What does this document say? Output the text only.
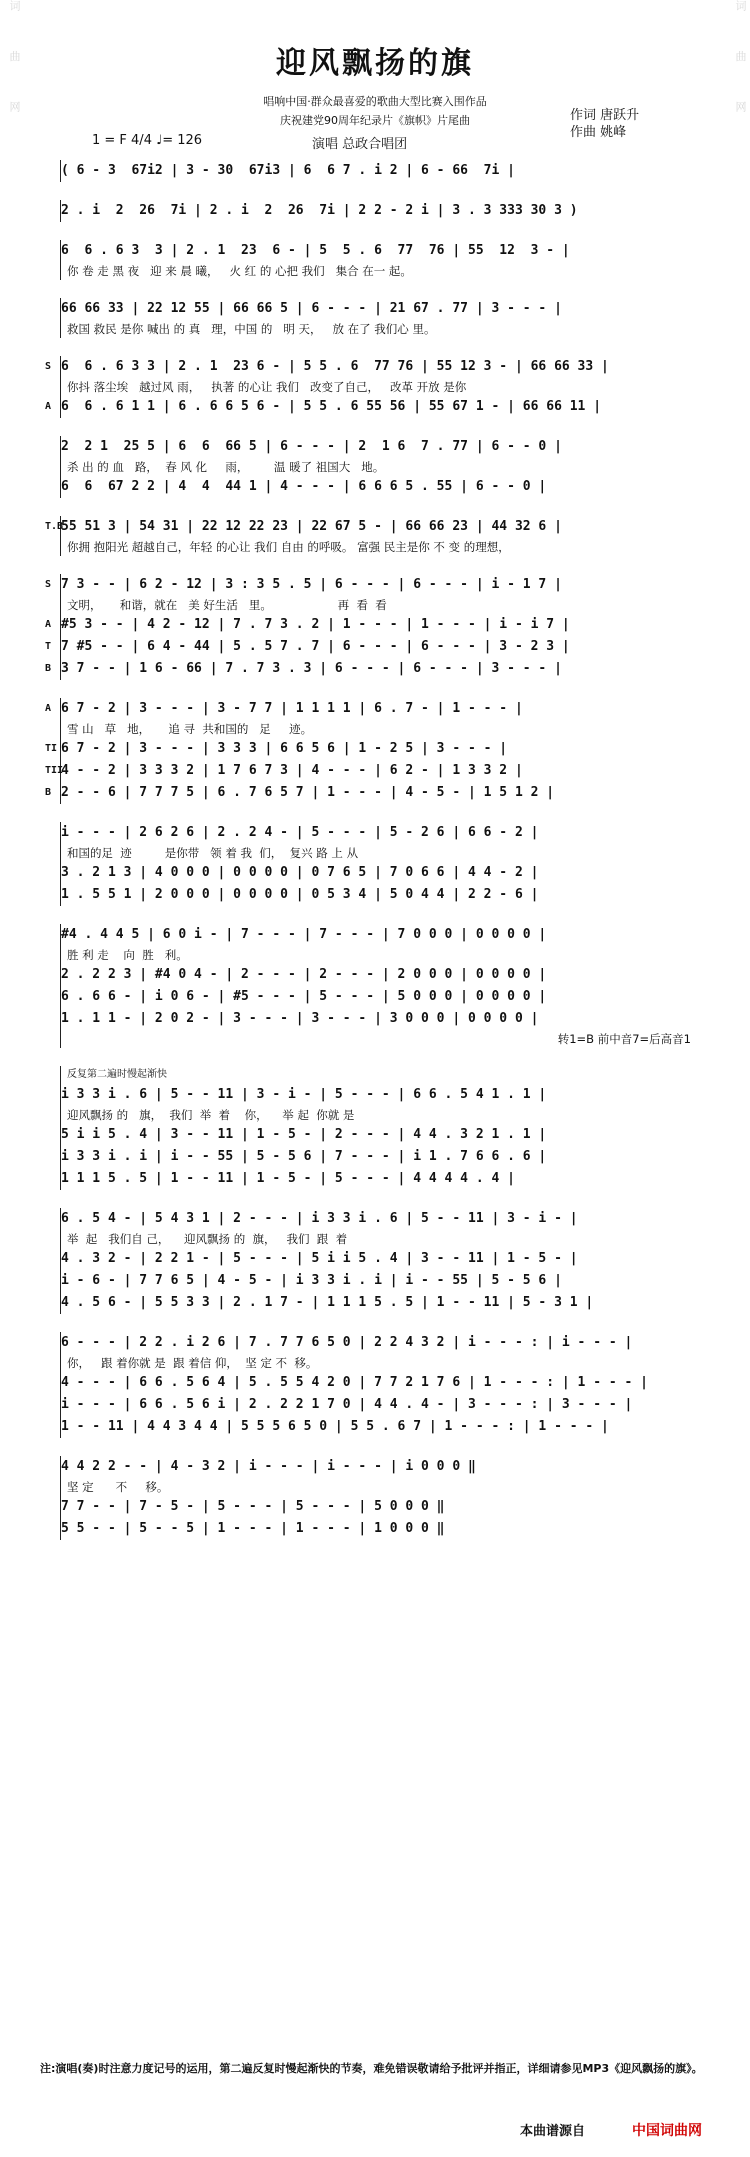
词 曲 网	词 曲 网
迎风飘扬的旗
唱响中国·群众最喜爱的歌曲大型比赛入围作品
庆祝建党90周年纪录片《旗帜》片尾曲	作词 唐跃升
作曲 姚峰
1 = F 4/4 ♩= 126	演唱 总政合唱团
( 6 - 3  67i2 | 3 - 30  67i3 | 6  6 7 . i 2 | 6 - 66  7i |
2 . i  2  26  7i | 2 . i  2  26  7i | 2 2 - 2 i | 3 . 3 333 30 3 )
6  6 . 6 3  3 | 2 . 1  23  6 - | 5  5 . 6  77  76 | 55  12  3 - |
你 卷 走 黑 夜   迎 来 晨 曦，   火 红 的 心把 我们   集合 在一 起。
66 66 33 | 22 12 55 | 66 66 5 | 6 - - - | 21 67 . 77 | 3 - - - |
救国 救民 是你 喊出 的 真   理，中国 的   明 天，   放 在了 我们心 里。
6  6 . 6 3 3 | 2 . 1  23 6 - | 5 5 . 6  77 76 | 55 12 3 - | 66 66 33 |
S
你抖 落尘埃   越过风 雨，   执著 的心让 我们   改变了自己，   改革 开放 是你
6  6 . 6 1 1 | 6 . 6 6 5 6 - | 5 5 . 6 55 56 | 55 67 1 - | 66 66 11 |
A
2  2 1  25 5 | 6  6  66 5 | 6 - - - | 2  1 6  7 . 77 | 6 - - 0 |
杀 出 的 血   路，  春 风 化     雨，       温 暖了 祖国大   地。
6  6  67 2 2 | 4  4  44 1 | 4 - - - | 6 6 6 5 . 55 | 6 - - 0 |
55 51 3 | 54 31 | 22 12 22 23 | 22 67 5 - | 66 66 23 | 44 32 6 |
T.B
你拥 抱阳光 超越自己，年轻 的心让 我们 自由 的呼吸。 富强 民主是你 不 变 的理想，
7 3 - - | 6 2 - 12 | 3 : 3 5 . 5 | 6 - - - | 6 - - - | i - 1 7 |
S
文明，     和谐，就在   美 好生活   里。                  再  看  看
#5 3 - - | 4 2 - 12 | 7 . 7 3 . 2 | 1 - - - | 1 - - - | i - i 7 |
A
7 #5 - - | 6 4 - 44 | 5 . 5 7 . 7 | 6 - - - | 6 - - - | 3 - 2 3 |
T
3 7 - - | 1 6 - 66 | 7 . 7 3 . 3 | 6 - - - | 6 - - - | 3 - - - |
B
6 7 - 2 | 3 - - - | 3 - 7 7 | 1 1 1 1 | 6 . 7 - | 1 - - - |
A
雪 山   草   地，     追 寻  共和国的   足     迹。
6 7 - 2 | 3 - - - | 3 3 3 | 6 6 5 6 | 1 - 2 5 | 3 - - - |
TI
4 - - 2 | 3 3 3 2 | 1 7 6 7 3 | 4 - - - | 6 2 - | 1 3 3 2 |
TII
2 - - 6 | 7 7 7 5 | 6 . 7 6 5 7 | 1 - - - | 4 - 5 - | 1 5 1 2 |
B
i - - - | 2 6 2 6 | 2 . 2 4 - | 5 - - - | 5 - 2 6 | 6 6 - 2 |
和国的足  迹         是你带   领 着 我  们，  复兴 路 上 从
3 . 2 1 3 | 4 0 0 0 | 0 0 0 0 | 0 7 6 5 | 7 0 6 6 | 4 4 - 2 |
1 . 5 5 1 | 2 0 0 0 | 0 0 0 0 | 0 5 3 4 | 5 0 4 4 | 2 2 - 6 |
#4 . 4 4 5 | 6 0 i - | 7 - - - | 7 - - - | 7 0 0 0 | 0 0 0 0 |
胜 利 走    向  胜   利。
2 . 2 2 3 | #4 0 4 - | 2 - - - | 2 - - - | 2 0 0 0 | 0 0 0 0 |
6 . 6 6 - | i 0 6 - | #5 - - - | 5 - - - | 5 0 0 0 | 0 0 0 0 |
1 . 1 1 - | 2 0 2 - | 3 - - - | 3 - - - | 3 0 0 0 | 0 0 0 0 |
转1=B 前中音7=后高音1
反复第二遍时慢起渐快
i 3 3 i . 6 | 5 - - 11 | 3 - i - | 5 - - - | 6 6 . 5 4 1 . 1 |
迎风飘扬 的   旗，  我们  举  着    你，    举 起  你就 是
5 i i 5 . 4 | 3 - - 11 | 1 - 5 - | 2 - - - | 4 4 . 3 2 1 . 1 |
i 3 3 i . i | i - - 55 | 5 - 5 6 | 7 - - - | i 1 . 7 6 6 . 6 |
1 1 1 5 . 5 | 1 - - 11 | 1 - 5 - | 5 - - - | 4 4 4 4 . 4 |
6 . 5 4 - | 5 4 3 1 | 2 - - - | i 3 3 i . 6 | 5 - - 11 | 3 - i - |
举  起   我们自 己，    迎风飘扬 的  旗，   我们  跟  着
4 . 3 2 - | 2 2 1 - | 5 - - - | 5 i i 5 . 4 | 3 - - 11 | 1 - 5 - |
i - 6 - | 7 7 6 5 | 4 - 5 - | i 3 3 i . i | i - - 55 | 5 - 5 6 |
4 . 5 6 - | 5 5 3 3 | 2 . 1 7 - | 1 1 1 5 . 5 | 1 - - 11 | 5 - 3 1 |
6 - - - | 2 2 . i 2 6 | 7 . 7 7 6 5 0 | 2 2 4 3 2 | i - - - : | i - - - |
你，   跟 着你就 是  跟 着信 仰，  坚 定 不  移。
4 - - - | 6 6 . 5 6 4 | 5 . 5 5 4 2 0 | 7 7 2 1 7 6 | 1 - - - : | 1 - - - |
i - - - | 6 6 . 5 6 i | 2 . 2 2 1 7 0 | 4 4 . 4 - | 3 - - - : | 3 - - - |
1 - - 11 | 4 4 3 4 4 | 5 5 5 6 5 0 | 5 5 . 6 7 | 1 - - - : | 1 - - - |
4 4 2 2 - - | 4 - 3 2 | i - - - | i - - - | i 0 0 0 ‖
坚 定      不     移。
7 7 - - | 7 - 5 - | 5 - - - | 5 - - - | 5 0 0 0 ‖
5 5 - - | 5 - - 5 | 1 - - - | 1 - - - | 1 0 0 0 ‖
注:演唱(奏)时注意力度记号的运用，第二遍反复时慢起渐快的节奏，难免错误敬请给予批评并指正，详细请参见MP3《迎风飘扬的旗》。
本曲谱源自	中国词曲网
